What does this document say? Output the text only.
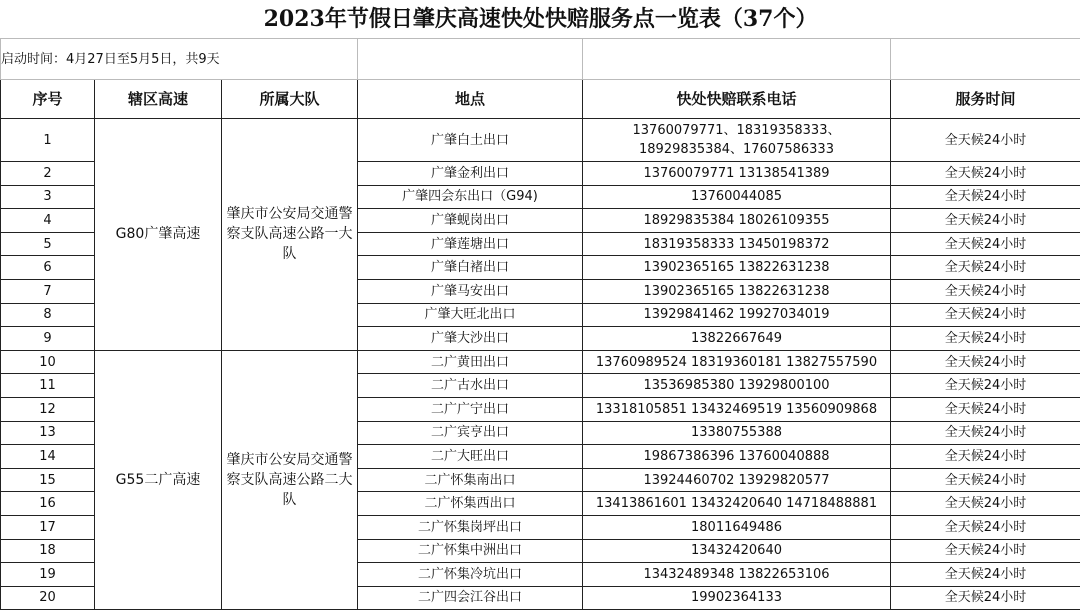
2023年节假日肇庆高速快处快赔服务点一览表（37个）					
启动时间：4月27日至5月5日，共9天					
序号	辖区高速	所属大队	地点	快处快赔联系电话	服务时间
1	G80广肇高速	肇庆市公安局交通警察支队高速公路一大队	广肇白土出口	13760079771、18319358333、18929835384、17607586333	全天候24小时
2			广肇金利出口	13760079771 13138541389	全天候24小时
3			广肇四会东出口（G94)	13760044085	全天候24小时
4			广肇蚬岗出口	18929835384 18026109355	全天候24小时
5			广肇莲塘出口	18319358333 13450198372	全天候24小时
6			广肇白褚出口	13902365165 13822631238	全天候24小时
7			广肇马安出口	13902365165 13822631238	全天候24小时
8			广肇大旺北出口	13929841462 19927034019	全天候24小时
9			广肇大沙出口	13822667649	全天候24小时
10	G55二广高速	肇庆市公安局交通警察支队高速公路二大队	二广黄田出口	13760989524 18319360181 13827557590	全天候24小时
11			二广古水出口	13536985380 13929800100	全天候24小时
12			二广广宁出口	13318105851 13432469519 13560909868	全天候24小时
13			二广宾亨出口	13380755388	全天候24小时
14			二广大旺出口	19867386396 13760040888	全天候24小时
15			二广怀集南出口	13924460702 13929820577	全天候24小时
16			二广怀集西出口	13413861601 13432420640 14718488881	全天候24小时
17			二广怀集岗坪出口	18011649486	全天候24小时
18			二广怀集中洲出口	13432420640	全天候24小时
19			二广怀集冷坑出口	13432489348 13822653106	全天候24小时
20			二广四会江谷出口	19902364133	全天候24小时
